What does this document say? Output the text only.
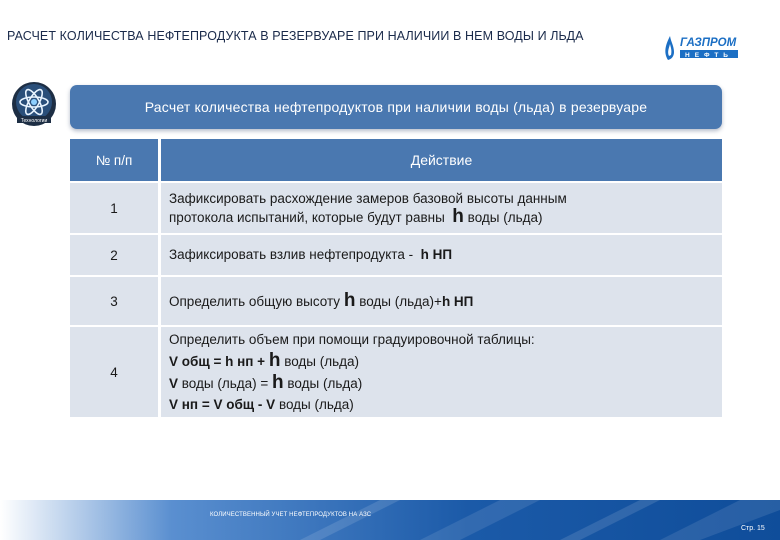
РАСЧЕТ КОЛИЧЕСТВА НЕФТЕПРОДУКТА В РЕЗЕРВУАРЕ ПРИ НАЛИЧИИ В НЕМ ВОДЫ И ЛЬДА	ГАЗПРОМ
НЕФТЬ
Технологии
Расчет количества нефтепродуктов при наличии воды (льда) в резервуаре
№ п/п	Действие
1	Зафиксировать расхождение замеров базовой высоты данным
протокола испытаний, которые будут равны h воды (льда)
2	Зафиксировать взлив нефтепродукта - h НП
3	Определить общую высоту h воды (льда)+h НП
4	Определить объем при помощи градуировочной таблицы:
V общ = h нп + h воды (льда)
V воды (льда) = h воды (льда)
V нп = V общ - V воды (льда)
КОЛИЧЕСТВЕННЫЙ УЧЕТ НЕФТЕПРОДУКТОВ НА АЗС
Стр. 15
